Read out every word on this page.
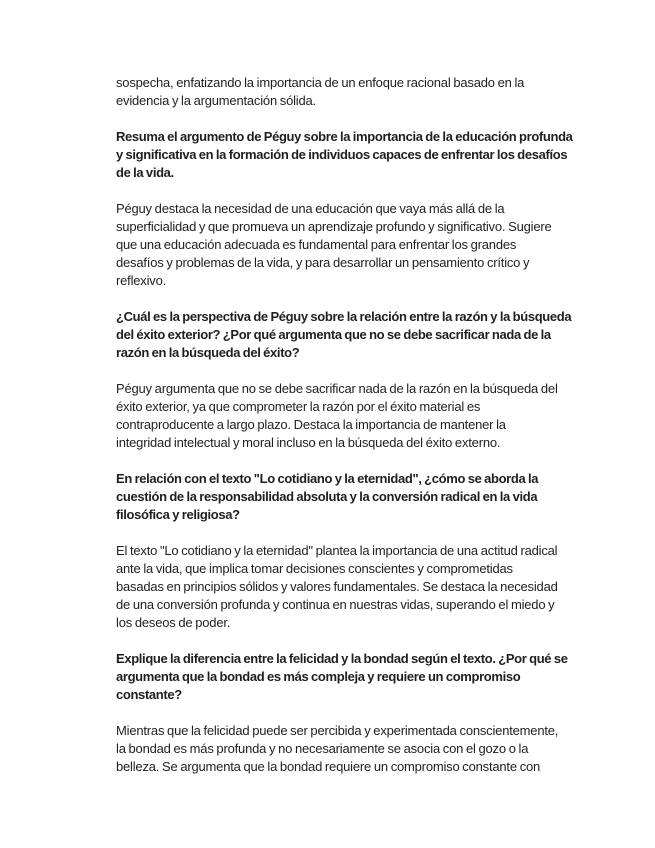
sospecha, enfatizando la importancia de un enfoque racional basado en la
evidencia y la argumentación sólida.
Resuma el argumento de Péguy sobre la importancia de la educación profunda
y significativa en la formación de individuos capaces de enfrentar los desafíos
de la vida.
Péguy destaca la necesidad de una educación que vaya más allá de la
superficialidad y que promueva un aprendizaje profundo y significativo. Sugiere
que una educación adecuada es fundamental para enfrentar los grandes
desafíos y problemas de la vida, y para desarrollar un pensamiento crítico y
reflexivo.
¿Cuál es la perspectiva de Péguy sobre la relación entre la razón y la búsqueda
del éxito exterior? ¿Por qué argumenta que no se debe sacrificar nada de la
razón en la búsqueda del éxito?
Péguy argumenta que no se debe sacrificar nada de la razón en la búsqueda del
éxito exterior, ya que comprometer la razón por el éxito material es
contraproducente a largo plazo. Destaca la importancia de mantener la
integridad intelectual y moral incluso en la búsqueda del éxito externo.
En relación con el texto "Lo cotidiano y la eternidad", ¿cómo se aborda la
cuestión de la responsabilidad absoluta y la conversión radical en la vida
filosófica y religiosa?
El texto "Lo cotidiano y la eternidad" plantea la importancia de una actitud radical
ante la vida, que implica tomar decisiones conscientes y comprometidas
basadas en principios sólidos y valores fundamentales. Se destaca la necesidad
de una conversión profunda y continua en nuestras vidas, superando el miedo y
los deseos de poder.
Explique la diferencia entre la felicidad y la bondad según el texto. ¿Por qué se
argumenta que la bondad es más compleja y requiere un compromiso
constante?
Mientras que la felicidad puede ser percibida y experimentada conscientemente,
la bondad es más profunda y no necesariamente se asocia con el gozo o la
belleza. Se argumenta que la bondad requiere un compromiso constante con
